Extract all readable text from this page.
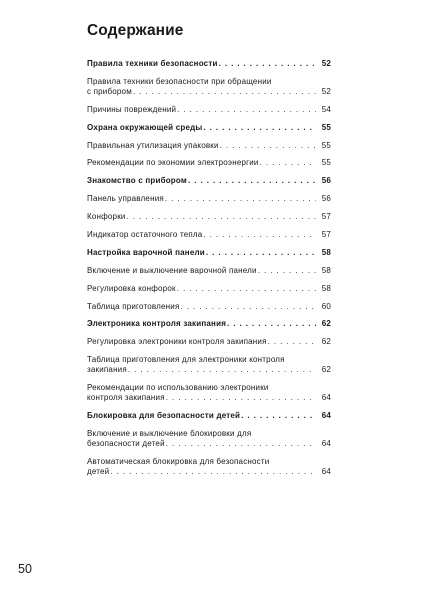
Содержание
Правила техники безопасности . . .	52
Правила техники безопасности при обращении
с прибором . . .	52
Причины повреждений . . .	54
Охрана окружающей среды . . .	55
Правильная утилизация упаковки . . .	55
Рекомендации по экономии электроэнергии . . .	55
Знакомство с прибором . . .	56
Панель управления . . .	56
Конфорки . . .	57
Индикатор остаточного тепла . . .	57
Настройка варочной панели . . .	58
Включение и выключение варочной панели . . .	58
Регулировка конфорок . . .	58
Таблица приготовления . . .	60
Электроника контроля закипания . . .	62
Регулировка электроники контроля закипания . . .	62
Таблица приготовления для электроники контроля
закипания . . .	62
Рекомендации по использованию электроники
контроля закипания . . .	64
Блокировка для безопасности детей . . .	64
Включение и выключение блокировки для
безопасности детей . . .	64
Автоматическая блокировка для безопасности
детей . . .	64
50
